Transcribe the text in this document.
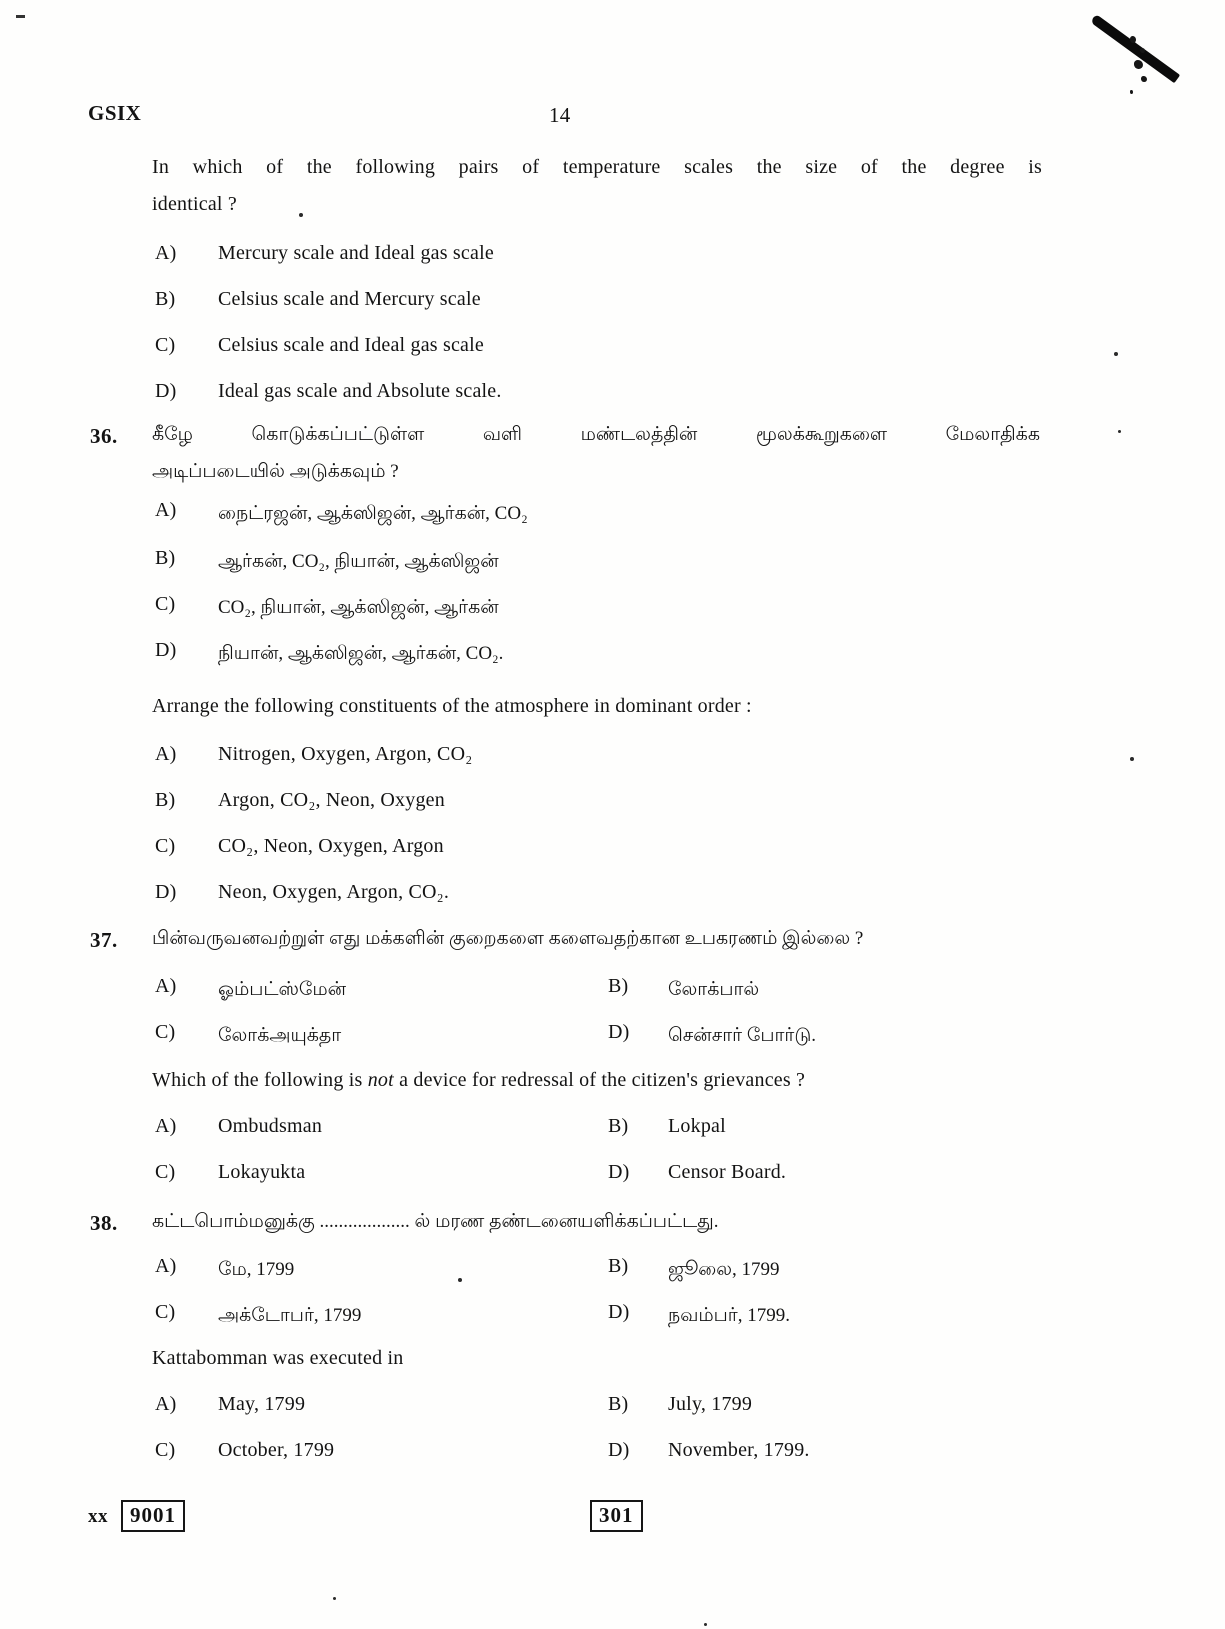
GSIX	14
In which of the following pairs of temperature scales the size of the degree is
identical ?
A) Mercury scale and Ideal gas scale
B) Celsius scale and Mercury scale
C) Celsius scale and Ideal gas scale
D) Ideal gas scale and Absolute scale.
36. கீழே கொடுக்கப்பட்டுள்ள வளி மண்டலத்தின் மூலக்கூறுகளை மேலாதிக்க
அடிப்படையில் அடுக்கவும் ?
A) நைட்ரஜன், ஆக்ஸிஜன், ஆர்கன், CO₂
B) ஆர்கன், CO₂, நியான், ஆக்ஸிஜன்
C) CO₂, நியான், ஆக்ஸிஜன், ஆர்கன்
D) நியான், ஆக்ஸிஜன், ஆர்கன், CO₂.
Arrange the following constituents of the atmosphere in dominant order :
A) Nitrogen, Oxygen, Argon, CO₂
B) Argon, CO₂, Neon, Oxygen
C) CO₂, Neon, Oxygen, Argon
D) Neon, Oxygen, Argon, CO₂.
37. பின்வருவனவற்றுள் எது மக்களின் குறைகளை களைவதற்கான உபகரணம் இல்லை ?
A) ஓம்பட்ஸ்மேன்	B) லோக்பால்
C) லோக்அயுக்தா	D) சென்சார் போர்டு.
Which of the following is not a device for redressal of the citizen's grievances ?
A) Ombudsman	B) Lokpal
C) Lokayukta	D) Censor Board.
38. கட்டபொம்மனுக்கு ................... ல் மரண தண்டனையளிக்கப்பட்டது.
A) மே, 1799	B) ஜூலை, 1799
C) அக்டோபர், 1799	D) நவம்பர், 1799.
Kattabomman was executed in
A) May, 1799	B) July, 1799
C) October, 1799	D) November, 1799.
xx	9001	301
